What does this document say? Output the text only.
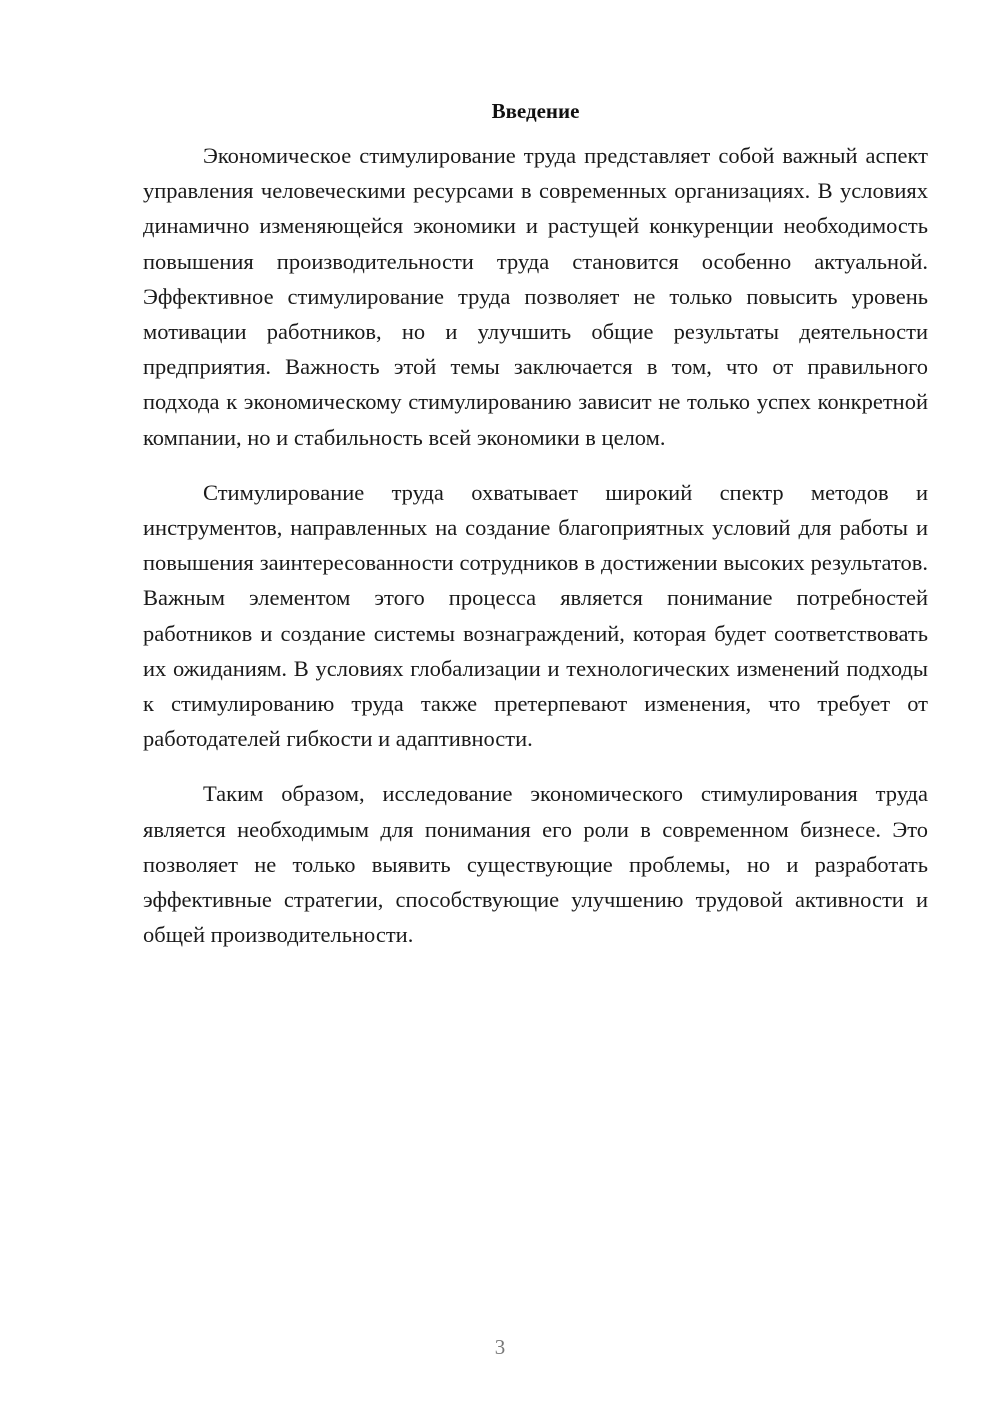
Введение

Экономическое стимулирование труда представляет собой важный аспект управления человеческими ресурсами в современных организациях. В условиях динамично изменяющейся экономики и растущей конкуренции необходимость повышения производительности труда становится особенно актуальной. Эффективное стимулирование труда позволяет не только повысить уровень мотивации работников, но и улучшить общие результаты деятельности предприятия. Важность этой темы заключается в том, что от правильного подхода к экономическому стимулированию зависит не только успех конкретной компании, но и стабильность всей экономики в целом.

Стимулирование труда охватывает широкий спектр методов и инструментов, направленных на создание благоприятных условий для работы и повышения заинтересованности сотрудников в достижении высоких результатов. Важным элементом этого процесса является понимание потребностей работников и создание системы вознаграждений, которая будет соответствовать их ожиданиям. В условиях глобализации и технологических изменений подходы к стимулированию труда также претерпевают изменения, что требует от работодателей гибкости и адаптивности.

Таким образом, исследование экономического стимулирования труда является необходимым для понимания его роли в современном бизнесе. Это позволяет не только выявить существующие проблемы, но и разработать эффективные стратегии, способствующие улучшению трудовой активности и общей производительности.

3
